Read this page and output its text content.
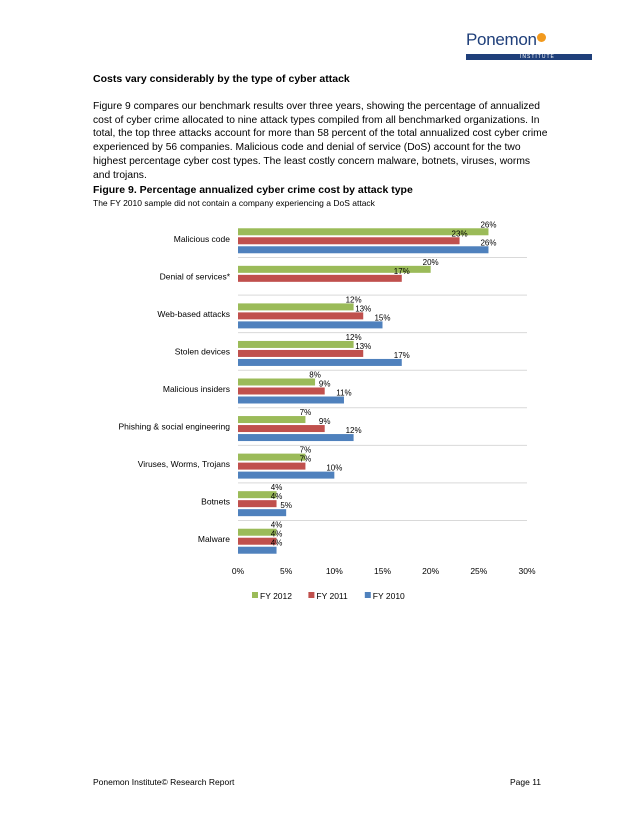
Ponemon
INSTITUTE
Costs vary considerably by the type of cyber attack
Figure 9 compares our benchmark results over three years, showing the percentage of annualized cost of cyber crime allocated to nine attack types compiled from all benchmarked organizations. In total, the top three attacks account for more than 58 percent of the total annualized cost cyber crime experienced by 56 companies. Malicious code and denial of service (DoS) account for the two highest percentage cyber cost types. The least costly concern malware, botnets, viruses, worms and trojans.
Figure 9. Percentage annualized cyber crime cost by attack type
The FY 2010 sample did not contain a company experiencing a DoS attack
Malicious code
26%
23%
26%
Denial of services*
20%
17%
Web-based attacks
12%
13%
15%
Stolen devices
12%
13%
17%
Malicious insiders
8%
9%
11%
Phishing & social engineering
7%
9%
12%
Viruses, Worms, Trojans
7%
7%
10%
Botnets
4%
4%
5%
Malware
4%
4%
4%
0%	5%	10%	15%	20%	25%	30%
FY 2012	FY 2011	FY 2010
Ponemon Institute© Research Report	Page 11
